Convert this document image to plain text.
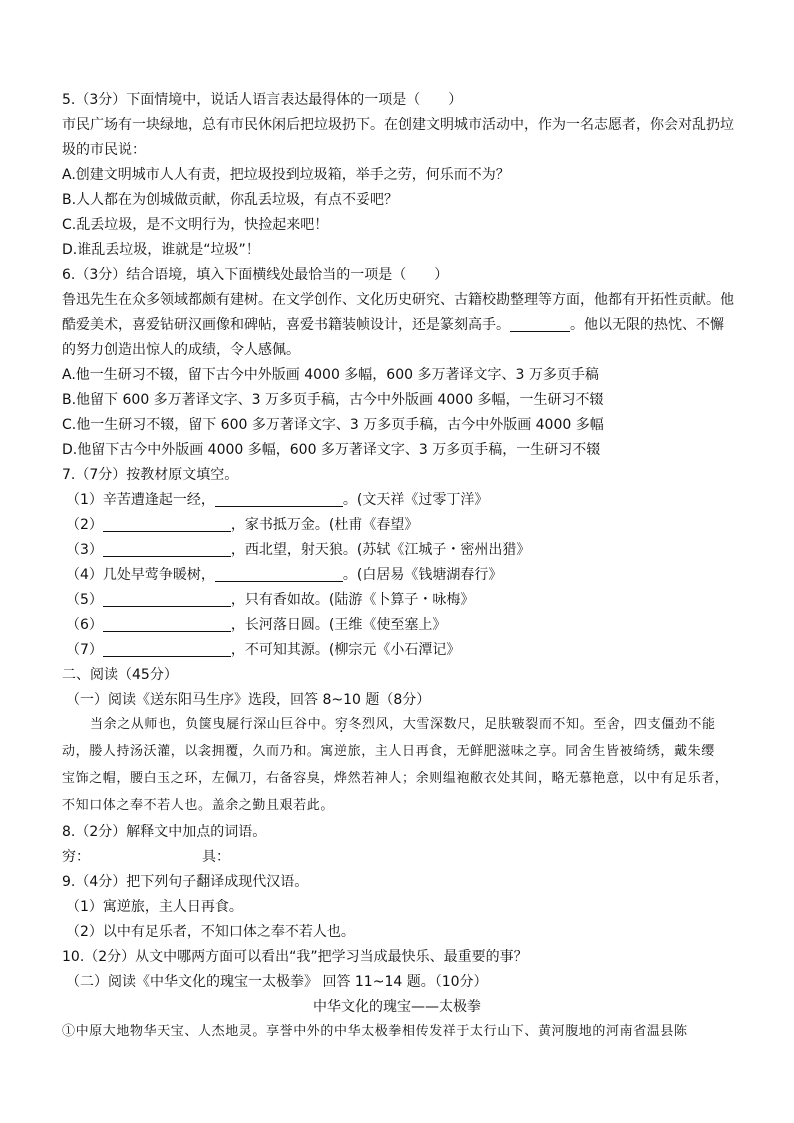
5.（3分）下面情境中，说话人语言表达最得体的一项是（　　）
市民广场有一块绿地，总有市民休闲后把垃圾扔下。在创建文明城市活动中，作为一名志愿者，你会对乱扔垃
圾的市民说：
A.创建文明城市人人有责，把垃圾投到垃圾箱，举手之劳，何乐而不为？
B.人人都在为创城做贡献，你乱丢垃圾，有点不妥吧？
C.乱丢垃圾，是不文明行为，快捡起来吧！
D.谁乱丢垃圾，谁就是“垃圾”！
6.（3分）结合语境，填入下面横线处最恰当的一项是（　　）
鲁迅先生在众多领域都颇有建树。在文学创作、文化历史研究、古籍校勘整理等方面，他都有开拓性贡献。他
酷爱美术，喜爱钻研汉画像和碑帖，喜爱书籍装帧设计，还是篆刻高手。	。他以无限的热忱、不懈
的努力创造出惊人的成绩，令人感佩。
A.他一生研习不辍，留下古今中外版画 4000 多幅，600 多万著译文字、3 万多页手稿
B.他留下 600 多万著译文字、3 万多页手稿，古今中外版画 4000 多幅，一生研习不辍
C.他一生研习不辍，留下 600 多万著译文字、3 万多页手稿，古今中外版画 4000 多幅
D.他留下古今中外版画 4000 多幅，600 多万著译文字、3 万多页手稿，一生研习不辍
7.（7分）按教材原文填空。
（1）辛苦遭逢起一经，	。(文天祥《过零丁洋》
（2）	，家书抵万金。(杜甫《春望》
（3）	，西北望，射天狼。(苏轼《江城子・密州出猎》
（4）几处早莺争暖树，	。(白居易《钱塘湖春行》
（5）	，只有香如故。(陆游《卜算子・咏梅》
（6）	，长河落日圆。(王维《使至塞上》
（7）	，不可知其源。(柳宗元《小石潭记》
二、阅读（45分）
（一）阅读《送东阳马生序》选段，回答 8~10 题（8分）
当余之从师也，负箧曳屣行深山巨谷中。穷冬烈风，大雪深数尺，足肤皲裂而不知。至舍，四支僵劲不能
动，媵人持汤沃灌，以衾拥覆，久而乃和。寓逆旅，主人日再食，无鲜肥滋味之享。同舍生皆被绮绣，戴朱缨
宝饰之帽，腰白玉之环，左佩刀，右备容臭，烨然若神人；余则缊袍敝衣处其间，略无慕艳意，以中有足乐者，
不知口体之奉不若人也。盖余之勤且艰若此。
8.（2分）解释文中加点的词语。
穷：	具：
9.（4分）把下列句子翻译成现代汉语。
（1）寓逆旅，主人日再食。
（2）以中有足乐者，不知口体之奉不若人也。
10.（2分）从文中哪两方面可以看出“我”把学习当成最快乐、最重要的事？
（二）阅读《中华文化的瑰宝一太极拳》 回答 11~14 题。（10分）
中华文化的瑰宝——太极拳
①中原大地物华天宝、人杰地灵。享誉中外的中华太极拳相传发祥于太行山下、黄河腹地的河南省温县陈
